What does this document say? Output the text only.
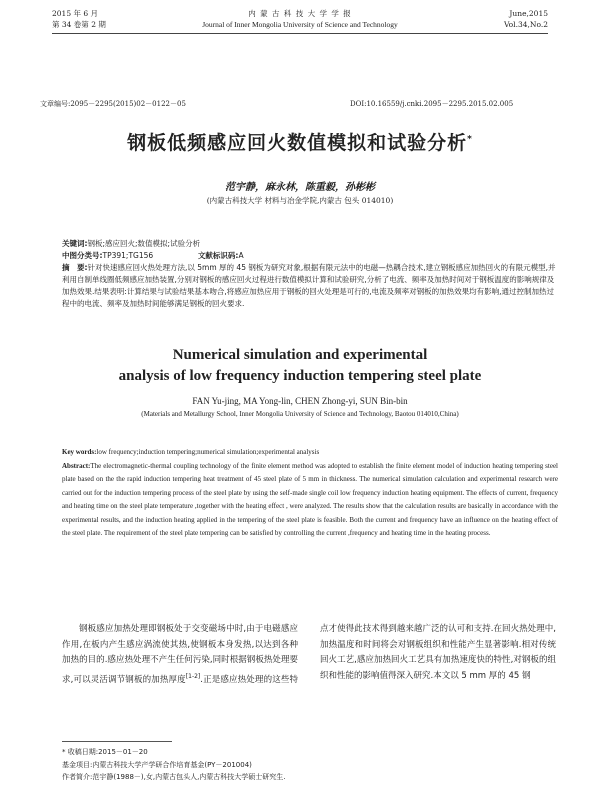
2015 年 6 月
第 34 卷第 2 期
内 蒙 古 科 技 大 学 学 报
Journal of Inner Mongolia University of Science and Technology
June,2015
Vol.34,No.2
文章编号:2095－2295(2015)02－0122－05	DOI:10.16559/j.cnki.2095－2295.2015.02.005
钢板低频感应回火数值模拟和试验分析*
范宇静，麻永林，陈重毅，孙彬彬
(内蒙古科技大学 材料与冶金学院,内蒙古 包头 014010)

关键词:钢板;感应回火;数值模拟;试验分析

中图分类号:TP391;TG156	文献标识码:A

摘　要:针对快速感应回火热处理方法,以 5mm 厚的 45 钢板为研究对象,根据有限元法中的电磁—热耦合技术,建立钢板感应加热回火的有限元模型,并利用自制单线圈低频感应加热装置,分别对钢板的感应回火过程进行数值模拟计算和试验研究,分析了电流、频率及加热时间对于钢板温度的影响规律及加热效果.结果表明:计算结果与试验结果基本吻合,将感应加热应用于钢板的回火处理是可行的,电流及频率对钢板的加热效果均有影响,通过控制加热过程中的电流、频率及加热时间能够满足钢板的回火要求.

Numerical simulation and experimental
analysis of low frequency induction tempering steel plate
FAN Yu-jing, MA Yong-lin, CHEN Zhong-yi, SUN Bin-bin
(Materials and Metallurgy School, Inner Mongolia University of Science and Technology, Baotou 014010,China)

Key words:low frequency;induction tempering;numerical simulation;experimental analysis

Abstract:The electromagnetic-thermal coupling technology of the finite element method was adopted to establish the finite element model of induction heating tempering steel plate based on the the rapid induction tempering heat treatment of 45 steel plate of 5 mm in thickness. The numerical simulation calculation and experimental research were carried out for the induction tempering process of the steel plate by using the self-made single coil low frequency induction heating equipment. The effects of current, frequency and heating time on the steel plate temperature ,together with the heating effect , were analyzed. The results show that the calculation results are basically in accordance with the experimental results, and the induction heating applied in the tempering of the steel plate is feasible. Both the current and frequency have an influence on the heating effect of the steel plate. The requirement of the steel plate tempering can be satisfied by controlling the current ,frequency and heating time in the heating process.

钢板感应加热处理即钢板处于交变磁场中时,由于电磁感应作用,在板内产生感应涡流使其热,使钢板本身发热,以达到各种加热的目的.感应热处理不产生任何污染,同时根据钢板热处理要求,可以灵活调节钢板的加热厚度[1-2].正是感应热处理的这些特点才使得此技术得到越来越广泛的认可和支持.在回火热处理中,加热温度和时间将会对钢板组织和性能产生显著影响.相对传统回火工艺,感应加热回火工艺具有加热速度快的特性,对钢板的组织和性能的影响值得深入研究.本文以 5 mm 厚的 45 钢

* 收稿日期:2015－01－20

基金项目:内蒙古科技大学产学研合作培育基金(PY－201004)

作者简介:范宇静(1988－),女,内蒙古包头人,内蒙古科技大学硕士研究生.
